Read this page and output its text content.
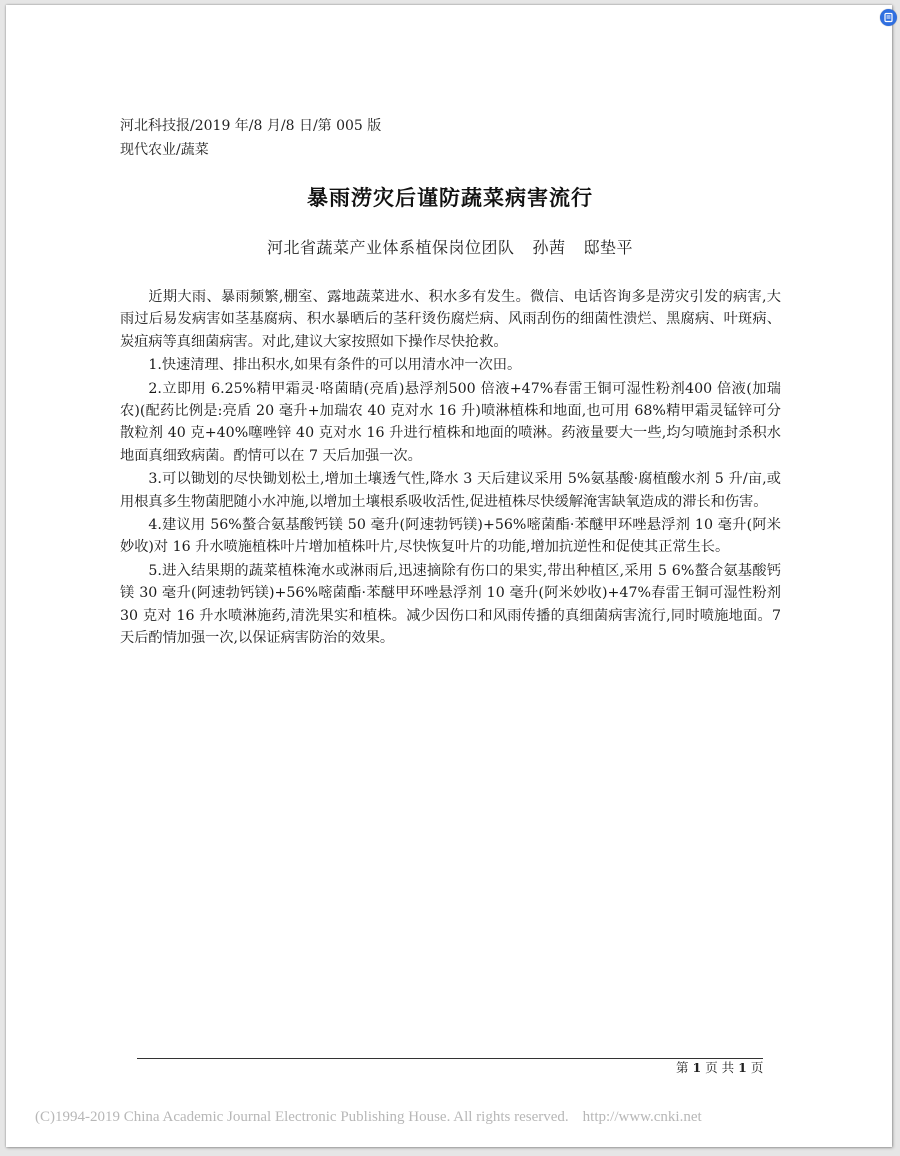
河北科技报/2019 年/8 月/8 日/第 005 版
现代农业/蔬菜
暴雨涝灾后谨防蔬菜病害流行
河北省蔬菜产业体系植保岗位团队 孙茜 邸垫平

近期大雨、暴雨频繁,棚室、露地蔬菜进水、积水多有发生。微信、电话咨询多是涝灾引发的病害,大雨过后易发病害如茎基腐病、积水暴晒后的茎秆烫伤腐烂病、风雨刮伤的细菌性溃烂、黑腐病、叶斑病、炭疽病等真细菌病害。对此,建议大家按照如下操作尽快抢救。

1.快速清理、排出积水,如果有条件的可以用清水冲一次田。

2.立即用 6.25%精甲霜灵·咯菌睛(亮盾)悬浮剂500 倍液+47%春雷王铜可湿性粉剂400 倍液(加瑞农)(配药比例是:亮盾 20 毫升+加瑞农 40 克对水 16 升)喷淋植株和地面,也可用 68%精甲霜灵锰锌可分散粒剂 40 克+40%噻唑锌 40 克对水 16 升进行植株和地面的喷淋。药液量要大一些,均匀喷施封杀积水地面真细致病菌。酌情可以在 7 天后加强一次。

3.可以锄划的尽快锄划松土,增加土壤透气性,降水 3 天后建议采用 5%氨基酸·腐植酸水剂 5 升/亩,或用根真多生物菌肥随小水冲施,以增加土壤根系吸收活性,促进植株尽快缓解淹害缺氧造成的滞长和伤害。

4.建议用 56%螯合氨基酸钙镁 50 毫升(阿速勃钙镁)+56%嘧菌酯·苯醚甲环唑悬浮剂 10 毫升(阿米妙收)对 16 升水喷施植株叶片增加植株叶片,尽快恢复叶片的功能,增加抗逆性和促使其正常生长。

5.进入结果期的蔬菜植株淹水或淋雨后,迅速摘除有伤口的果实,带出种植区,采用 5 6%螯合氨基酸钙镁 30 毫升(阿速勃钙镁)+56%嘧菌酯·苯醚甲环唑悬浮剂 10 毫升(阿米妙收)+47%春雷王铜可湿性粉剂 30 克对 16 升水喷淋施药,清洗果实和植株。减少因伤口和风雨传播的真细菌病害流行,同时喷施地面。7 天后酌情加强一次,以保证病害防治的效果。

第 1 页 共 1 页
(C)1994-2019 China Academic Journal Electronic Publishing House. All rights reserved. http://www.cnki.net
